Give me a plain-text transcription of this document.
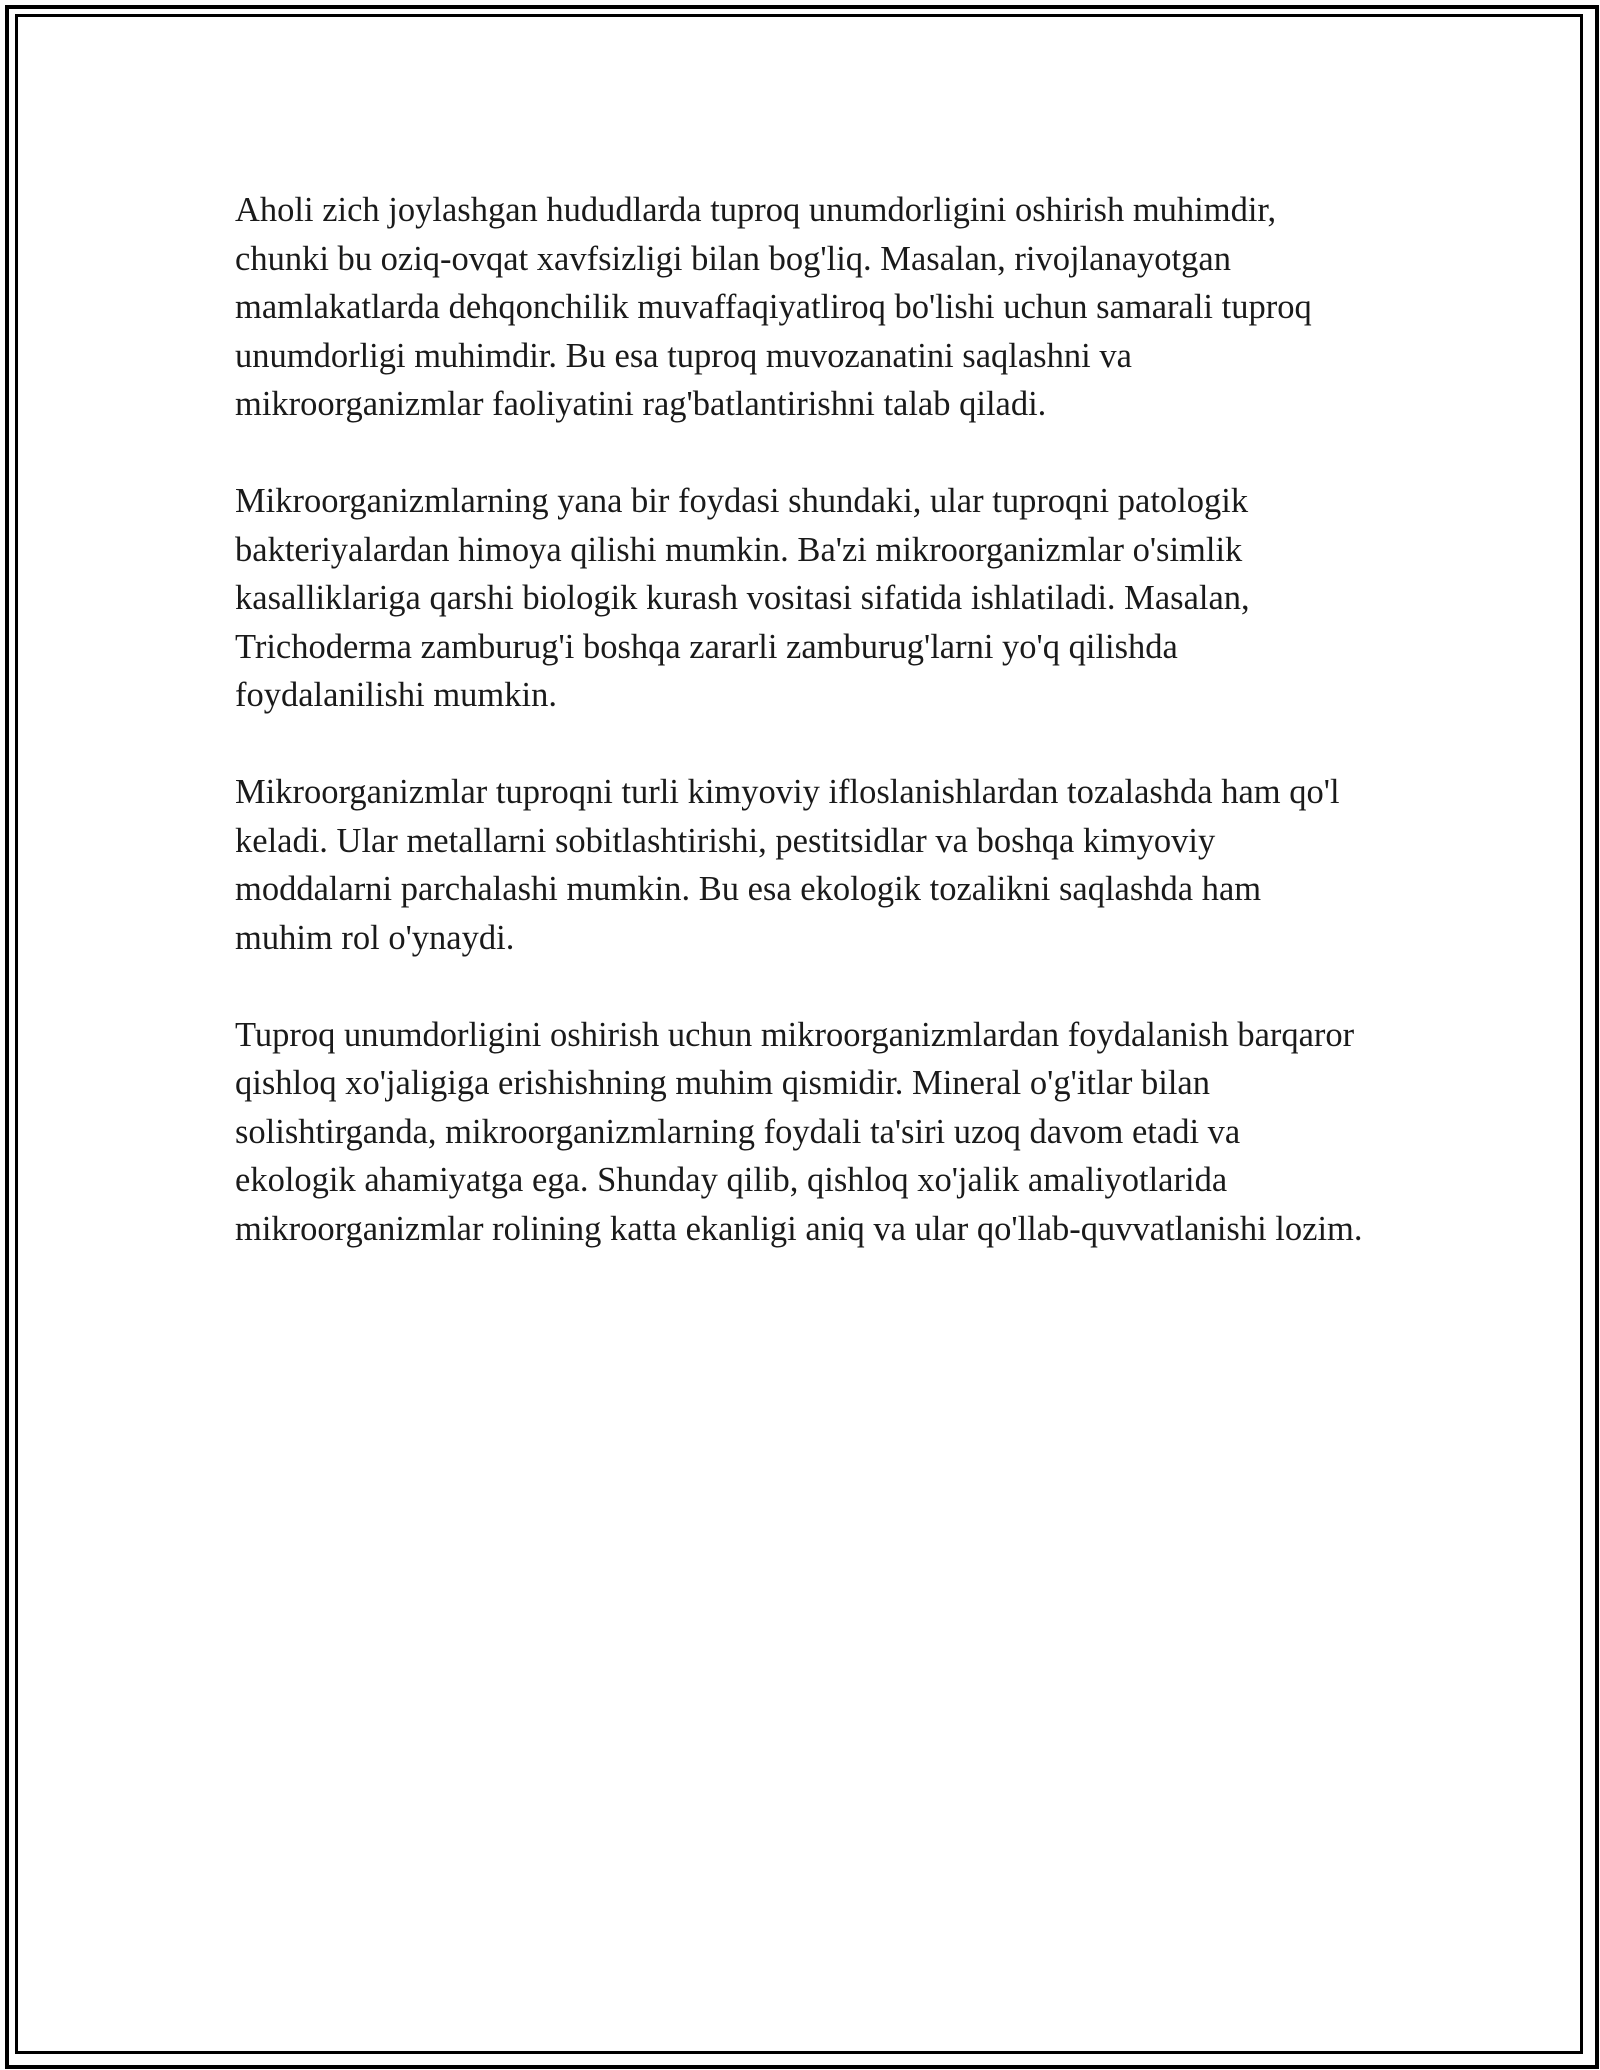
Aholi zich joylashgan hududlarda tuproq unumdorligini oshirish muhimdir, chunki bu oziq-ovqat xavfsizligi bilan bog'liq. Masalan, rivojlanayotgan mamlakatlarda dehqonchilik muvaffaqiyatliroq bo'lishi uchun samarali tuproq unumdorligi muhimdir. Bu esa tuproq muvozanatini saqlashni va mikroorganizmlar faoliyatini rag'batlantirishni talab qiladi.

Mikroorganizmlarning yana bir foydasi shundaki, ular tuproqni patologik bakteriyalardan himoya qilishi mumkin. Ba'zi mikroorganizmlar o'simlik kasalliklariga qarshi biologik kurash vositasi sifatida ishlatiladi. Masalan, Trichoderma zamburug'i boshqa zararli zamburug'larni yo'q qilishda foydalanilishi mumkin.

Mikroorganizmlar tuproqni turli kimyoviy ifloslanishlardan tozalashda ham qo'l keladi. Ular metallarni sobitlashtirishi, pestitsidlar va boshqa kimyoviy moddalarni parchalashi mumkin. Bu esa ekologik tozalikni saqlashda ham muhim rol o'ynaydi.

Tuproq unumdorligini oshirish uchun mikroorganizmlardan foydalanish barqaror qishloq xo'jaligiga erishishning muhim qismidir. Mineral o'g'itlar bilan solishtirganda, mikroorganizmlarning foydali ta'siri uzoq davom etadi va ekologik ahamiyatga ega. Shunday qilib, qishloq xo'jalik amaliyotlarida mikroorganizmlar rolining katta ekanligi aniq va ular qo'llab-quvvatlanishi lozim.
